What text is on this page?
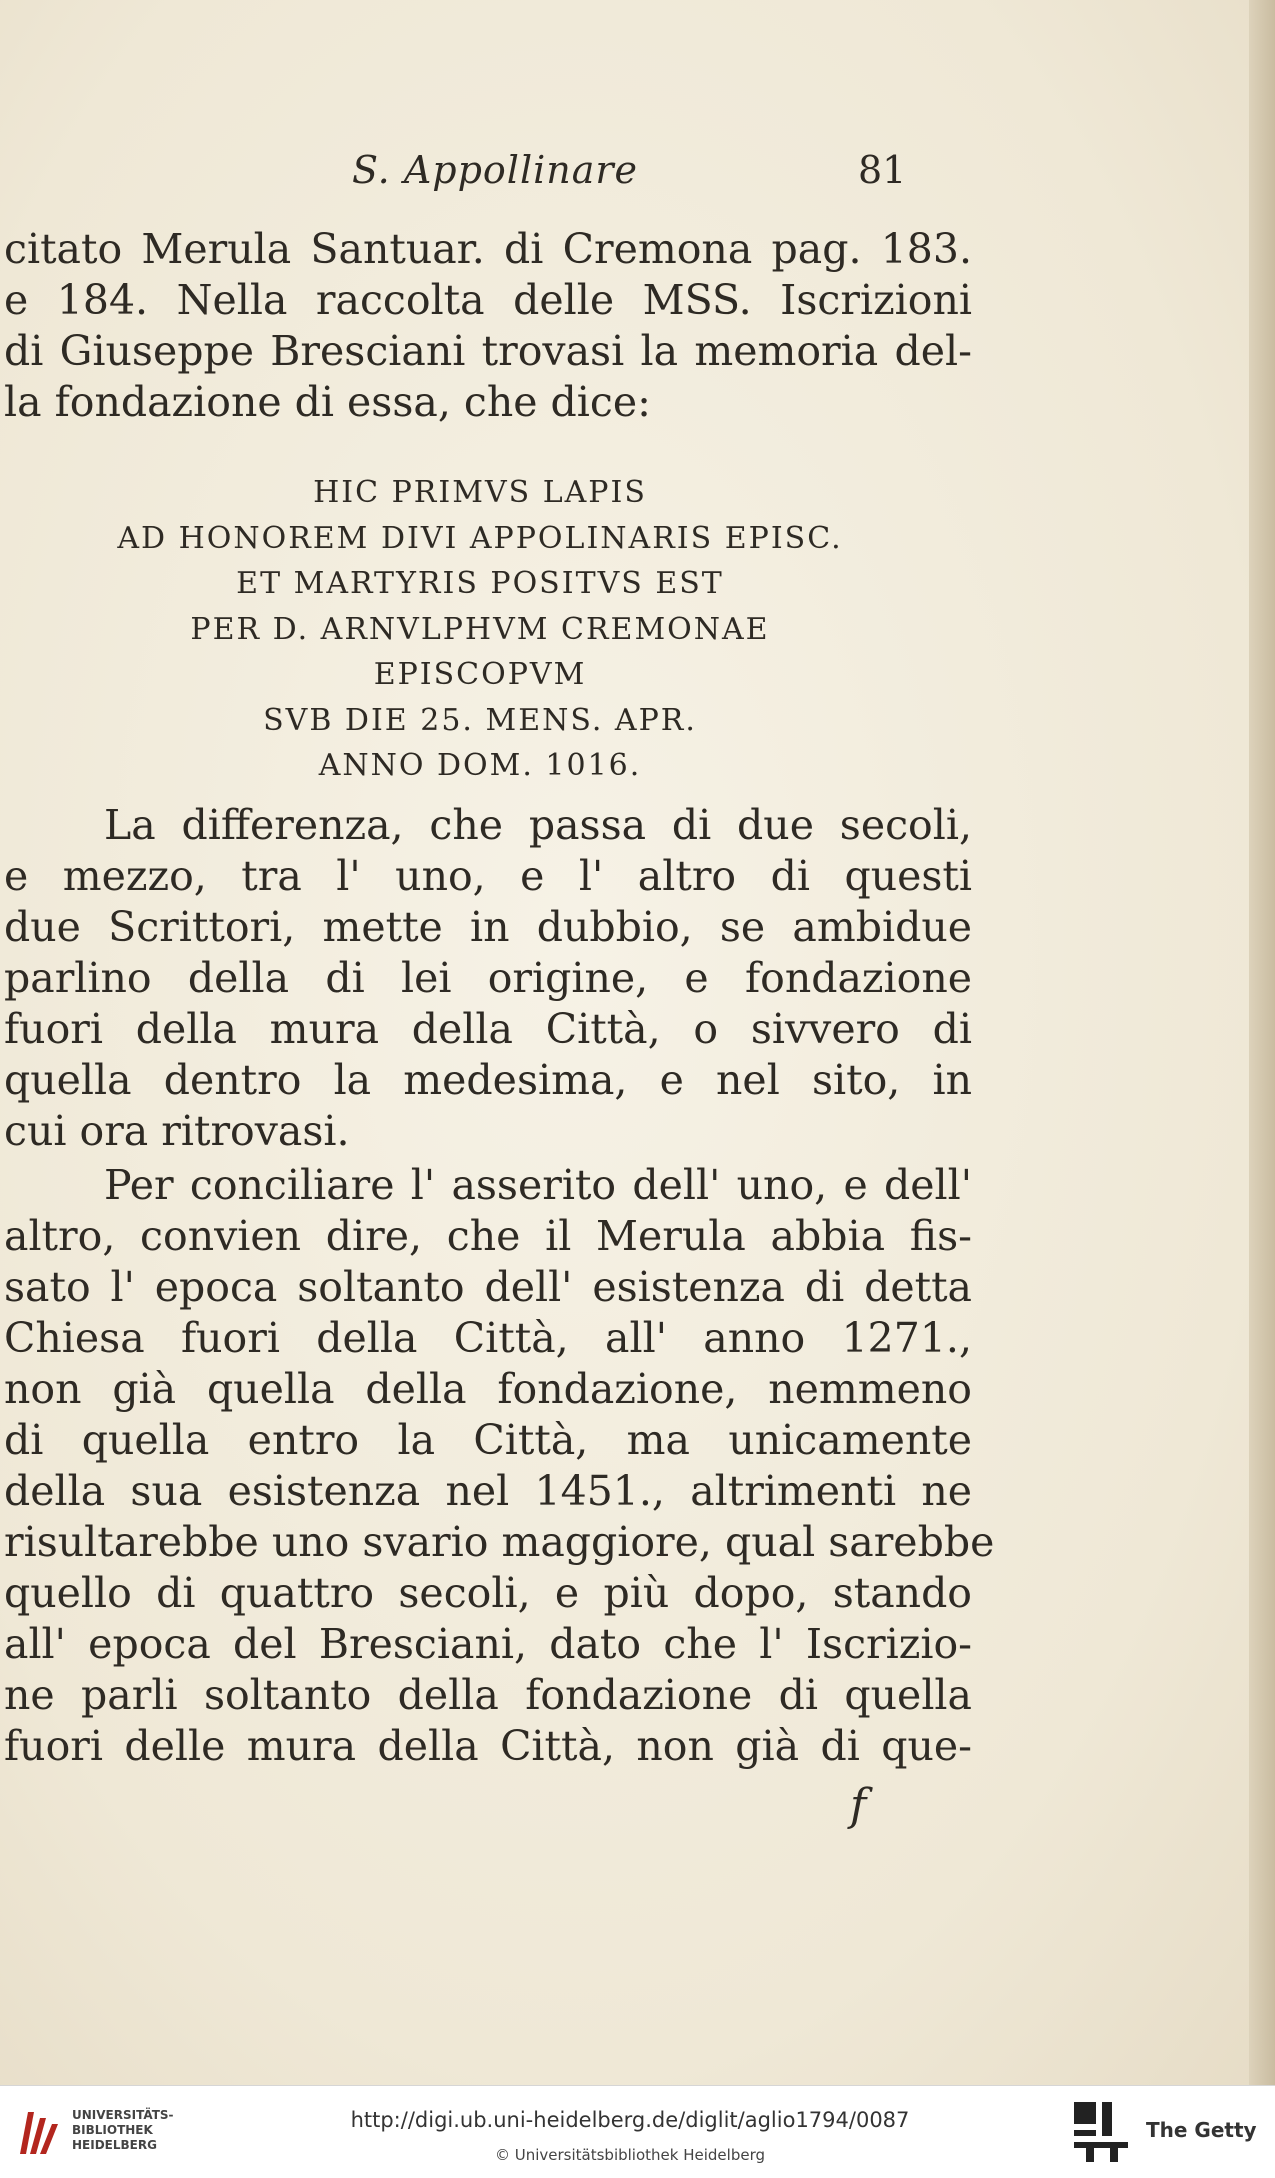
S. Appollinare	81
citato Merula Santuar. di Cremona pag. 183.
e 184. Nella raccolta delle MSS. Iscrizioni
di Giuseppe Bresciani trovasi la memoria del-
la fondazione di essa, che dice:
HIC PRIMVS LAPIS
AD HONOREM DIVI APPOLINARIS EPISC.
ET MARTYRIS POSITVS EST
PER D. ARNVLPHVM CREMONAE
EPISCOPVM
SVB DIE 25. MENS. APR.
ANNO DOM. 1016.
La differenza, che passa di due secoli,
e mezzo, tra l' uno, e l' altro di questi
due Scrittori, mette in dubbio, se ambidue
parlino della di lei origine, e fondazione
fuori della mura della Città, o sivvero di
quella dentro la medesima, e nel sito, in
cui ora ritrovasi.
Per conciliare l' asserito dell' uno, e dell'
altro, convien dire, che il Merula abbia fis-
sato l' epoca soltanto dell' esistenza di detta
Chiesa fuori della Città, all' anno 1271.,
non già quella della fondazione, nemmeno
di quella entro la Città, ma unicamente
della sua esistenza nel 1451., altrimenti ne
risultarebbe uno svario maggiore, qual sarebbe
quello di quattro secoli, e più dopo, stando
all' epoca del Bresciani, dato che l' Iscrizio-
ne parli soltanto della fondazione di quella
fuori delle mura della Città, non già di que-
f
UNIVERSITÄTS-
BIBLIOTHEK
HEIDELBERG
http://digi.ub.uni-heidelberg.de/diglit/aglio1794/0087
© Universitätsbibliothek Heidelberg
The Getty
